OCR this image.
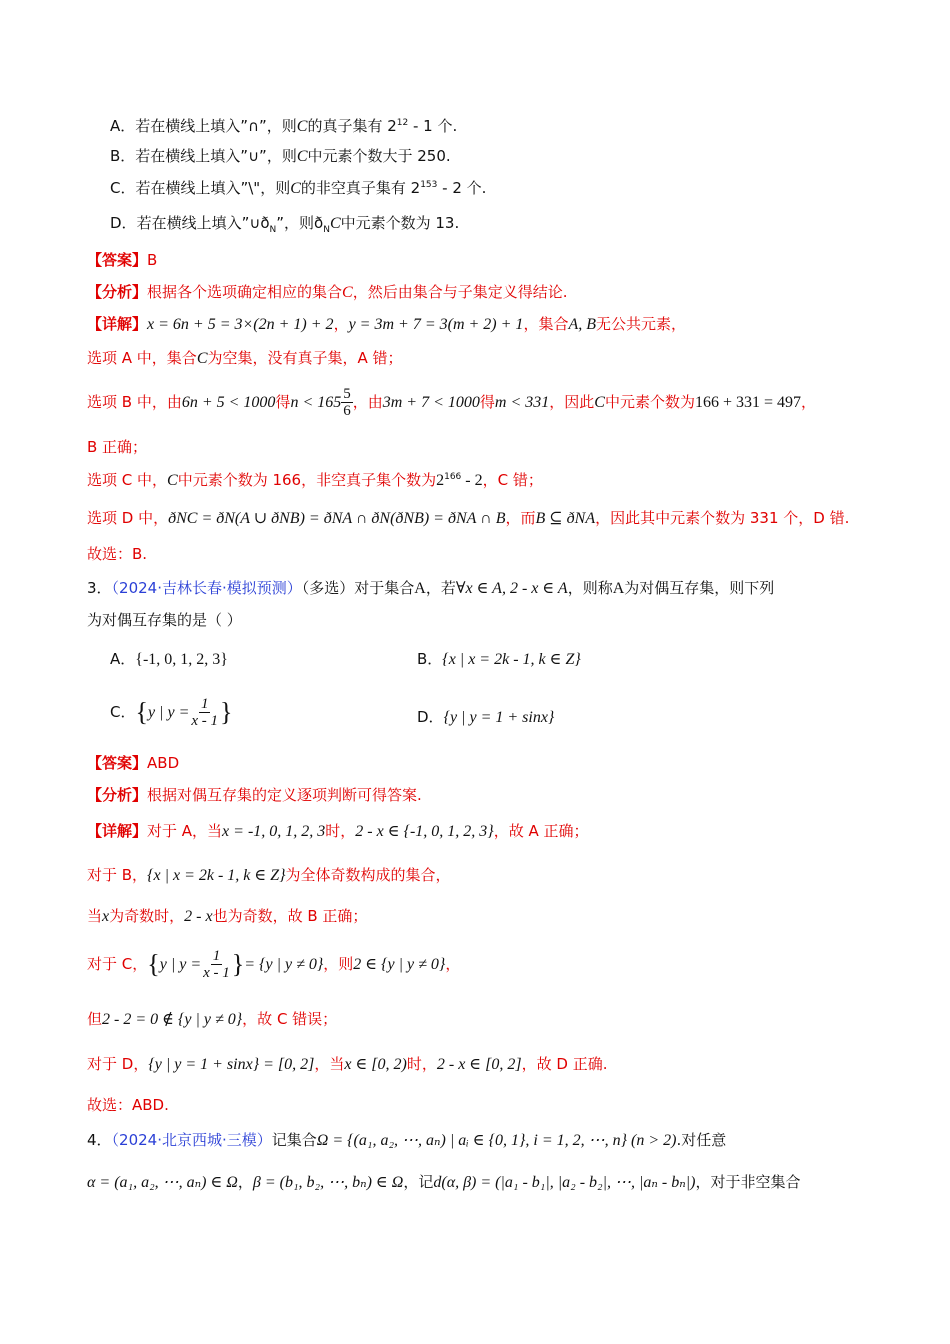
A．若在横线上填入”∩”，则C的真子集有 $2^{12} - 1$ 个.
B．若在横线上填入”∪”，则C中元素个数大于 250.
C．若在横线上填入”\"，则C的非空真子集有 $2^{153} - 2$ 个.
D．若在横线上填入$”\cup ð_N$”，则$ð_NC$中元素个数为 13.
【答案】B
【分析】根据各个选项确定相应的集合C，然后由集合与子集定义得结论.
【详解】x = 6n + 5 = 3×(2n + 1) + 2，y = 3m + 7 = 3(m + 2) + 1，集合A, B无公共元素，
选项 A 中，集合C为空集，没有真子集，A 错；
选项 B 中，由6n + 5 < 1000得$n < 165 \frac{5}{6}$ ，由3m + 7 < 1000得m < 331，因此C中元素个数为166 + 331 = 497，
B 正确；
选项 C 中，C中元素个数为 166，非空真子集个数为$2^{166} - 2$，C 错；
选项 D 中，ðNC = ðN(A ∪ ðNB) = ðNA ∩ ðN(ðNB) = ðNA ∩ B，而B ⊆ ðNA，因此其中元素个数为 331 个，D 错.
故选：B.
3．（2024·吉林长春·模拟预测）（多选）对于集合A，若∀x ∈ A, 2 - x ∈ A，则称A为对偶互存集，则下列
为对偶互存集的是（ ）
A．{-1, 0, 1, 2, 3}	B．{x | x = 2k - 1, k ∈ Z}
C．{y | $y = \frac{1}{x - 1}$ }	D．{y | y = 1 + sinx}
【答案】ABD
【分析】根据对偶互存集的定义逐项判断可得答案.
【详解】对于 A，当x = -1, 0, 1, 2, 3时，2 - x ∈ {-1, 0, 1, 2, 3}，故 A 正确；
对于 B，{x | x = 2k - 1, k ∈ Z}为全体奇数构成的集合，
当x为奇数时，2 - x也为奇数，故 B 正确；
对于 C，{y | $y = \frac{1}{x - 1}$ }= {y | y ≠ 0}，则2 ∈ {y | y ≠ 0}，
但2 - 2 = 0 ∉ {y | y ≠ 0}，故 C 错误；
对于 D，{y | y = 1 + sinx} = [0, 2]，当x ∈ [0, 2)时，2 - x ∈ [0, 2]，故 D 正确.
故选：ABD.
4．（2024·北京西城·三模）记集合Ω = {(a₁, a₂, ⋯, aₙ) | aᵢ ∈ {0, 1}, i = 1, 2, ⋯, n} (n > 2).对任意
α = (a₁, a₂, ⋯, aₙ) ∈ Ω，β = (b₁, b₂, ⋯, bₙ) ∈ Ω，记d(α, β) = (|a₁ - b₁|, |a₂ - b₂|, ⋯, |aₙ - bₙ|)，对于非空集合
